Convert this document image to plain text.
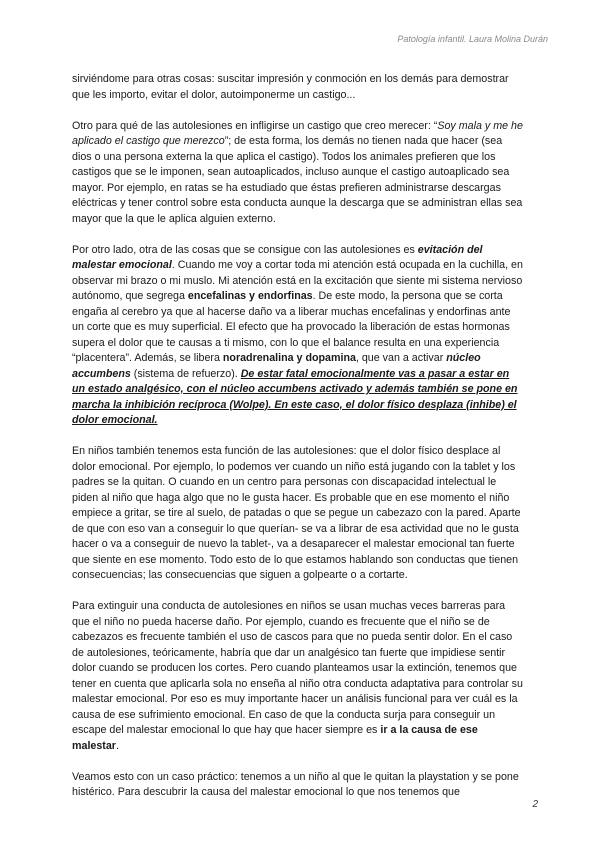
Patología infantil. Laura Molina Durán

sirviéndome para otras cosas: suscitar impresión y conmoción en los demás para demostrar que les importo, evitar el dolor, autoimponerme un castigo...

Otro para qué de las autolesiones en infligirse un castigo que creo merecer: “Soy mala y me he aplicado el castigo que merezco”; de esta forma, los demás no tienen nada que hacer (sea dios o una persona externa la que aplica el castigo). Todos los animales prefieren que los castigos que se le imponen, sean autoaplicados, incluso aunque el castigo autoaplicado sea mayor. Por ejemplo, en ratas se ha estudiado que éstas prefieren administrarse descargas eléctricas y tener control sobre esta conducta aunque la descarga que se administran ellas sea mayor que la que le aplica alguien externo.

Por otro lado, otra de las cosas que se consigue con las autolesiones es evitación del malestar emocional. Cuando me voy a cortar toda mi atención está ocupada en la cuchilla, en observar mi brazo o mi muslo. Mi atención está en la excitación que siente mi sistema nervioso autónomo, que segrega encefalinas y endorfinas. De este modo, la persona que se corta engaña al cerebro ya que al hacerse daño va a liberar muchas encefalinas y endorfinas ante un corte que es muy superficial. El efecto que ha provocado la liberación de estas hormonas supera el dolor que te causas a ti mismo, con lo que el balance resulta en una experiencia “placentera”. Además, se libera noradrenalina y dopamina, que van a activar núcleo accumbens (sistema de refuerzo). De estar fatal emocionalmente vas a pasar a estar en un estado analgésico, con el núcleo accumbens activado y además también se pone en marcha la inhibición recíproca (Wolpe). En este caso, el dolor físico desplaza (inhibe) el dolor emocional.

En niños también tenemos esta función de las autolesiones: que el dolor físico desplace al dolor emocional. Por ejemplo, lo podemos ver cuando un niño está jugando con la tablet y los padres se la quitan. O cuando en un centro para personas con discapacidad intelectual le piden al niño que haga algo que no le gusta hacer. Es probable que en ese momento el niño empiece a gritar, se tire al suelo, de patadas o que se pegue un cabezazo con la pared. Aparte de que con eso van a conseguir lo que querían- se va a librar de esa actividad que no le gusta hacer o va a conseguir de nuevo la tablet-, va a desaparecer el malestar emocional tan fuerte que siente en ese momento. Todo esto de lo que estamos hablando son conductas que tienen consecuencias; las consecuencias que siguen a golpearte o a cortarte.

Para extinguir una conducta de autolesiones en niños se usan muchas veces barreras para que el niño no pueda hacerse daño. Por ejemplo, cuando es frecuente que el niño se de cabezazos es frecuente también el uso de cascos para que no pueda sentir dolor. En el caso de autolesiones, teóricamente, habría que dar un analgésico tan fuerte que impidiese sentir dolor cuando se producen los cortes. Pero cuando planteamos usar la extinción, tenemos que tener en cuenta que aplicarla sola no enseña al niño otra conducta adaptativa para controlar su malestar emocional. Por eso es muy importante hacer un análisis funcional para ver cuál es la causa de ese sufrimiento emocional. En caso de que la conducta surja para conseguir un escape del malestar emocional lo que hay que hacer siempre es ir a la causa de ese malestar.

Veamos esto con un caso práctico: tenemos a un niño al que le quitan la playstation y se pone histérico. Para descubrir la causa del malestar emocional lo que nos tenemos que

2
